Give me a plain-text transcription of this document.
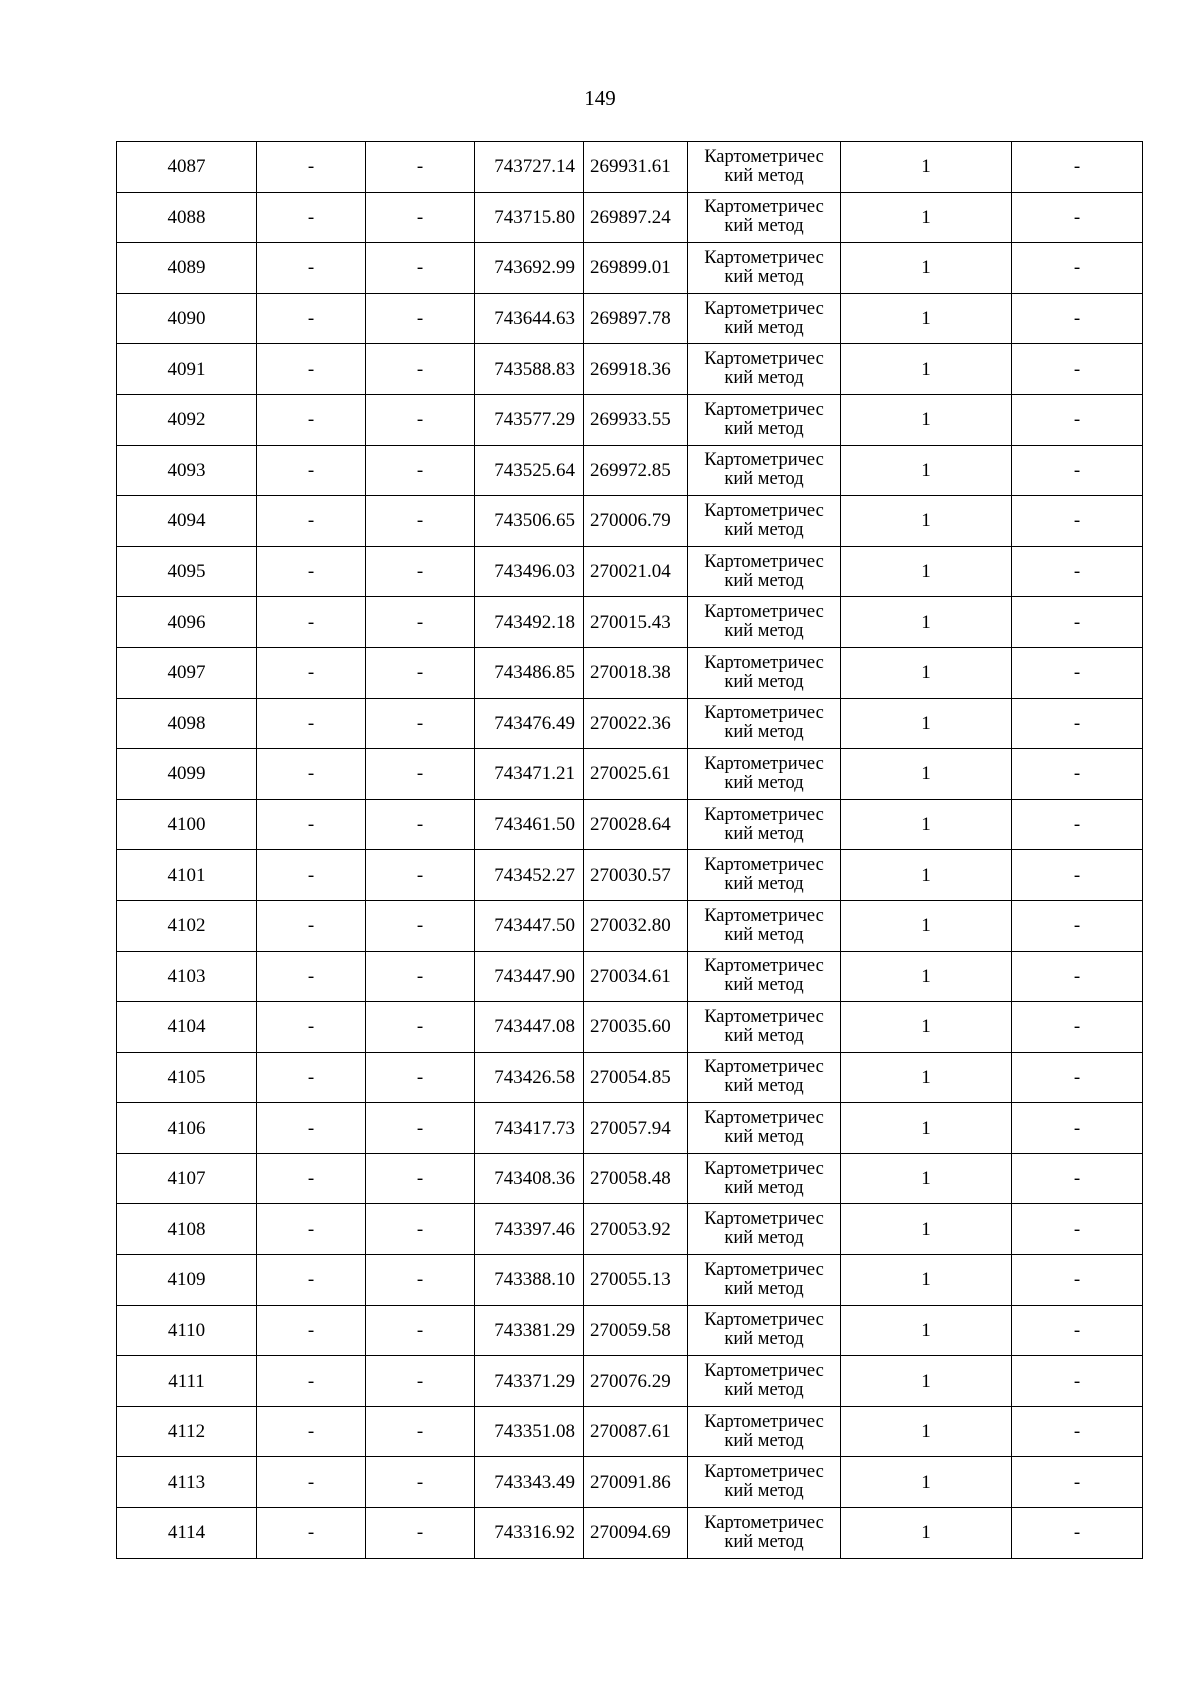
149
4087	-	-	743727.14	269931.61	Картометричес
кий метод	1	-
4088	-	-	743715.80	269897.24	Картометричес
кий метод	1	-
4089	-	-	743692.99	269899.01	Картометричес
кий метод	1	-
4090	-	-	743644.63	269897.78	Картометричес
кий метод	1	-
4091	-	-	743588.83	269918.36	Картометричес
кий метод	1	-
4092	-	-	743577.29	269933.55	Картометричес
кий метод	1	-
4093	-	-	743525.64	269972.85	Картометричес
кий метод	1	-
4094	-	-	743506.65	270006.79	Картометричес
кий метод	1	-
4095	-	-	743496.03	270021.04	Картометричес
кий метод	1	-
4096	-	-	743492.18	270015.43	Картометричес
кий метод	1	-
4097	-	-	743486.85	270018.38	Картометричес
кий метод	1	-
4098	-	-	743476.49	270022.36	Картометричес
кий метод	1	-
4099	-	-	743471.21	270025.61	Картометричес
кий метод	1	-
4100	-	-	743461.50	270028.64	Картометричес
кий метод	1	-
4101	-	-	743452.27	270030.57	Картометричес
кий метод	1	-
4102	-	-	743447.50	270032.80	Картометричес
кий метод	1	-
4103	-	-	743447.90	270034.61	Картометричес
кий метод	1	-
4104	-	-	743447.08	270035.60	Картометричес
кий метод	1	-
4105	-	-	743426.58	270054.85	Картометричес
кий метод	1	-
4106	-	-	743417.73	270057.94	Картометричес
кий метод	1	-
4107	-	-	743408.36	270058.48	Картометричес
кий метод	1	-
4108	-	-	743397.46	270053.92	Картометричес
кий метод	1	-
4109	-	-	743388.10	270055.13	Картометричес
кий метод	1	-
4110	-	-	743381.29	270059.58	Картометричес
кий метод	1	-
4111	-	-	743371.29	270076.29	Картометричес
кий метод	1	-
4112	-	-	743351.08	270087.61	Картометричес
кий метод	1	-
4113	-	-	743343.49	270091.86	Картометричес
кий метод	1	-
4114	-	-	743316.92	270094.69	Картометричес
кий метод	1	-
